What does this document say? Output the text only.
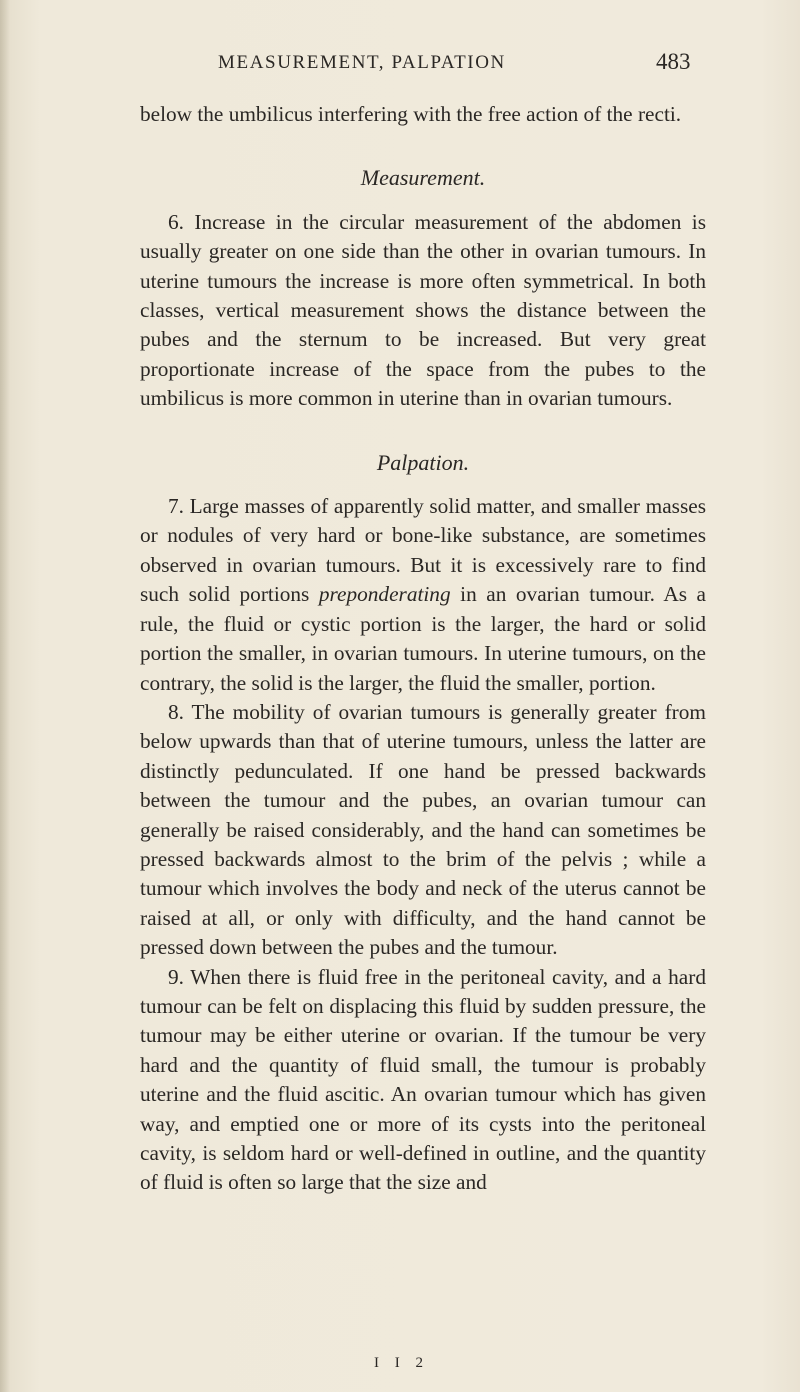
MEASUREMENT, PALPATION	483

below the umbilicus interfering with the free action of the recti.

Measurement.

6. Increase in the circular measurement of the abdomen is usually greater on one side than the other in ovarian tumours. In uterine tumours the increase is more often symmetrical. In both classes, vertical measurement shows the distance between the pubes and the sternum to be increased. But very great proportionate increase of the space from the pubes to the umbilicus is more common in uterine than in ovarian tumours.

Palpation.

7. Large masses of apparently solid matter, and smaller masses or nodules of very hard or bone-like substance, are sometimes observed in ovarian tumours. But it is excessively rare to find such solid portions preponderating in an ovarian tumour. As a rule, the fluid or cystic portion is the larger, the hard or solid portion the smaller, in ovarian tumours. In uterine tumours, on the contrary, the solid is the larger, the fluid the smaller, portion.

8. The mobility of ovarian tumours is generally greater from below upwards than that of uterine tumours, unless the latter are distinctly pedunculated. If one hand be pressed backwards between the tumour and the pubes, an ovarian tumour can generally be raised considerably, and the hand can sometimes be pressed backwards almost to the brim of the pelvis ; while a tumour which involves the body and neck of the uterus cannot be raised at all, or only with difficulty, and the hand cannot be pressed down between the pubes and the tumour.

9. When there is fluid free in the peritoneal cavity, and a hard tumour can be felt on displacing this fluid by sudden pressure, the tumour may be either uterine or ovarian. If the tumour be very hard and the quantity of fluid small, the tumour is probably uterine and the fluid ascitic. An ovarian tumour which has given way, and emptied one or more of its cysts into the peritoneal cavity, is seldom hard or well-defined in outline, and the quantity of fluid is often so large that the size and

I I 2
